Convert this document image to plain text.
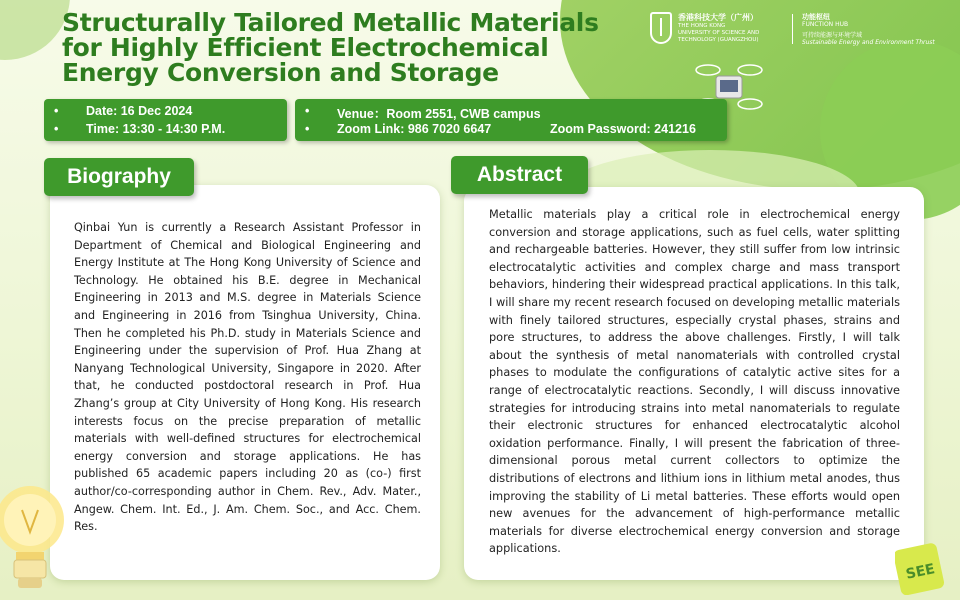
Structurally Tailored Metallic Materials
for Highly Efficient Electrochemical
Energy Conversion and Storage
香港科技大学（广州）
THE HONG KONG
UNIVERSITY OF SCIENCE AND
TECHNOLOGY (GUANGZHOU)
功能枢纽
FUNCTION HUB
可持续能源与环境学域
Sustainable Energy and Environment Thrust
• Date: 16 Dec 2024
• Time: 13:30 - 14:30 P.M.
• Venue：Room 2551, CWB campus
• Zoom Link: 986 7020 6647	Zoom Password: 241216
Biography	Abstract
Qinbai Yun is currently a Research Assistant Professor in Department of Chemical and Biological Engineering and Energy Institute at The Hong Kong University of Science and Technology. He obtained his B.E. degree in Mechanical Engineering in 2013 and M.S. degree in Materials Science and Engineering in 2016 from Tsinghua University, China. Then he completed his Ph.D. study in Materials Science and Engineering under the supervision of Prof. Hua Zhang at Nanyang Technological University, Singapore in 2020. After that, he conducted postdoctoral research in Prof. Hua Zhang’s group at City University of Hong Kong. His research interests focus on the precise preparation of metallic materials with well-defined structures for electrochemical energy conversion and storage applications. He has published 65 academic papers including 20 as (co-) first author/co-corresponding author in Chem. Rev., Adv. Mater., Angew. Chem. Int. Ed., J. Am. Chem. Soc., and Acc. Chem. Res.
Metallic materials play a critical role in electrochemical energy conversion and storage applications, such as fuel cells, water splitting and rechargeable batteries. However, they still suffer from low intrinsic electrocatalytic activities and complex charge and mass transport behaviors, hindering their widespread practical applications. In this talk, I will share my recent research focused on developing metallic materials with finely tailored structures, especially crystal phases, strains and pore structures, to address the above challenges. Firstly, I will talk about the synthesis of metal nanomaterials with controlled crystal phases to modulate the configurations of catalytic active sites for a range of electrocatalytic reactions. Secondly, I will discuss innovative strategies for introducing strains into metal nanomaterials to regulate their electronic structures for enhanced electrocatalytic alcohol oxidation performance. Finally, I will present the fabrication of three-dimensional porous metal current collectors to optimize the distributions of electrons and lithium ions in lithium metal anodes, thus improving the stability of Li metal batteries. These efforts would open new avenues for the advancement of high-performance metallic materials for diverse electrochemical energy conversion and storage applications.
SEE
